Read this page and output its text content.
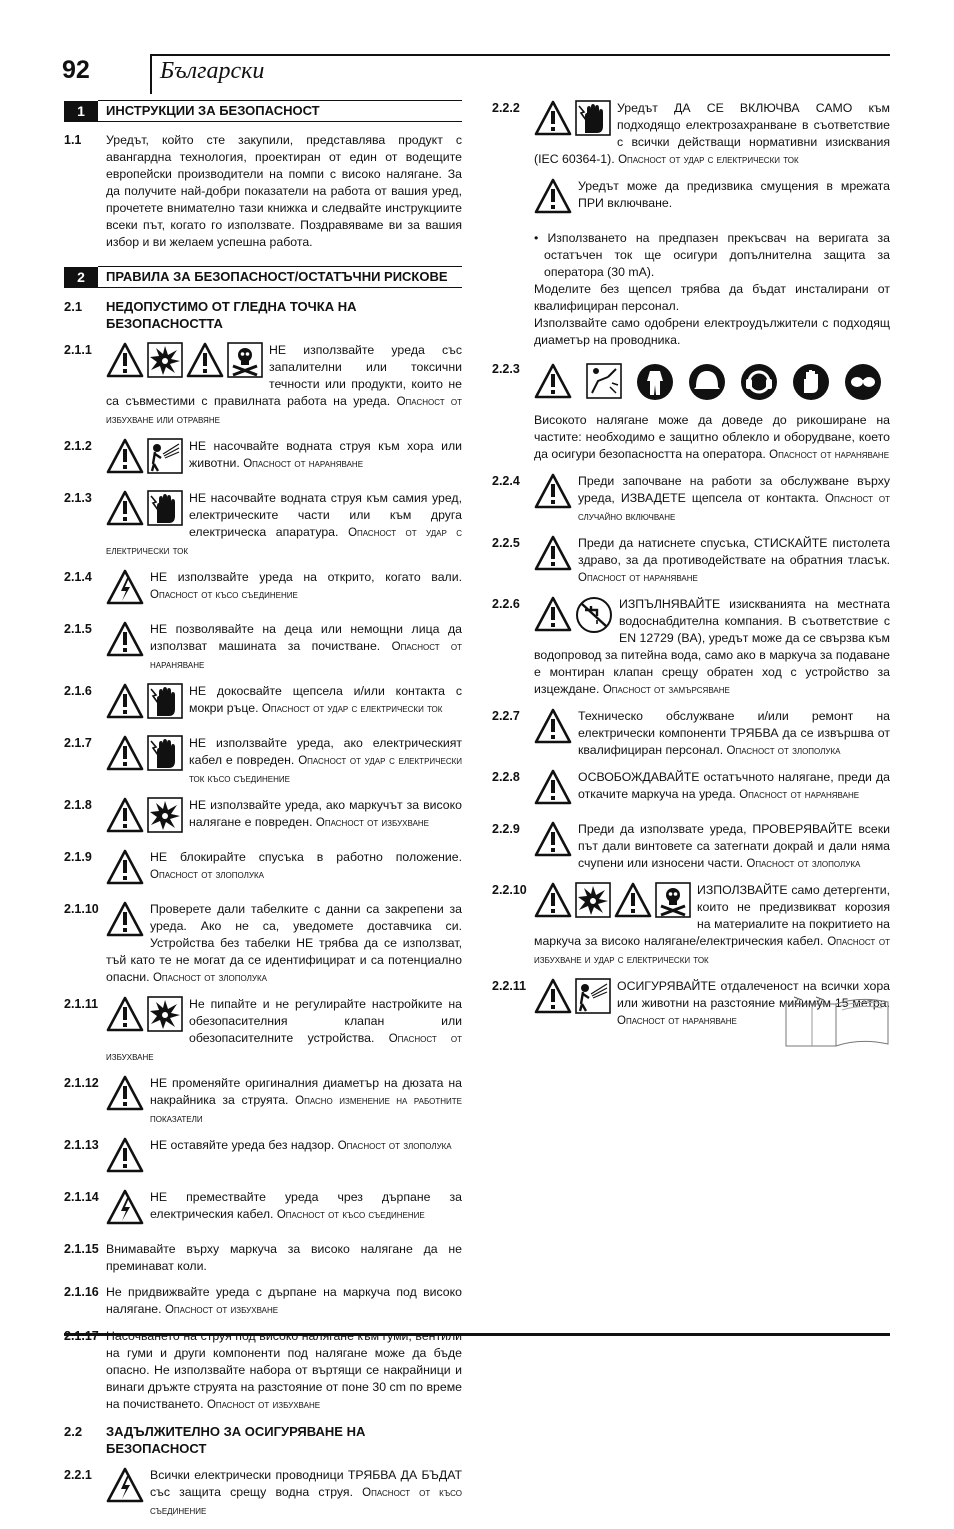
92	Български
1	ИНСТРУКЦИИ ЗА БЕЗОПАСНОСТ
1.1	Уредът, който сте закупили, представлява продукт с авангардна технология, проектиран от един от водещите европейски производители на помпи с високо налягане. За да получите най-добри показатели на работа от вашия уред, прочетете внимателно тази книжка и следвайте инструкциите всеки път, когато го използвате. Поздравяваме ви за вашия избор и ви желаем успешна работа.
2	ПРАВИЛА ЗА БЕЗОПАСНОСТ/ОСТАТЪЧНИ РИСКОВЕ
2.1	НЕДОПУСТИМО ОТ ГЛЕДНА ТОЧКА НА БЕЗОПАСНОСТТА
2.1.1	НЕ използвайте уреда със запалителни или токсични течности или продукти, които не са съвместими с правилната работа на уреда. Опасност от избухване или отравяне
2.1.2	НЕ насочвайте водната струя към хора или животни. Опасност от нараняване
2.1.3	НЕ насочвайте водната струя към самия уред, електрическите части или към друга електрическа апаратура. Опасност от удар с електрически ток
2.1.4	НЕ използвайте уреда на открито, когато вали. Опасност от късо съединение
2.1.5	НЕ позволявайте на деца или немощни лица да използват машината за почистване. Опасност от нараняване
2.1.6	НЕ докосвайте щепсела и/или контакта с мокри ръце. Опасност от удар с електрически ток
2.1.7	НЕ използвайте уреда, ако електрическият кабел е повреден. Опасност от удар с електрически ток късо съединение
2.1.8	НЕ използвайте уреда, ако маркучът за високо налягане е повреден. Опасност от избухване
2.1.9	НЕ блокирайте спусъка в работно положение. Опасност от злополука
2.1.10	Проверете дали табелките с данни са закрепени за уреда. Ако не са, уведомете доставчика си. Устройства без табелки НЕ трябва да се използват, тъй като те не могат да се идентифицират и са потенциално опасни. Опасност от злополука
2.1.11	Не пипайте и не регулирайте настройките на обезопасителния клапан или обезопасителните устройства. Опасност от избухване
2.1.12	НЕ променяйте оригиналния диаметър на дюзата на накрайника за струята. Опасно изменение на работните показатели
2.1.13	НЕ оставяйте уреда без надзор. Опасност от злополука
2.1.14	НЕ премествайте уреда чрез дърпане за електрическия кабел. Опасност от късо съединение
2.1.15 Внимавайте върху маркуча за високо налягане да не преминават коли.
2.1.16 Не придвижвайте уреда с дърпане на маркуча под високо налягане. Опасност от избухване
2.1.17 Насочването на струя под високо налягане към гуми, вентили на гуми и други компоненти под налягане може да бъде опасно. Не използвайте набора от въртящи се накрайници и винаги дръжте струята на разстояние от поне 30 cm по време на почистването. Опасност от избухване
2.2	ЗАДЪЛЖИТЕЛНО ЗА ОСИГУРЯВАНЕ НА БЕЗОПАСНОСТ
2.2.1	Всички електрически проводници ТРЯБВА ДА БЪДАТ със защита срещу водна струя. Опасност от късо съединение
2.2.2	Уредът ДА СЕ ВКЛЮЧВА САМО към подходящо електрозахранване в съответствие с всички действащи нормативни изисквания (IEC 60364-1). Опасност от удар с електрически ток
Уредът може да предизвика смущения в мрежата ПРИ включване.

• Използването на предпазен прекъсвач на веригата за остатъчен ток ще осигури допълнителна защита за оператора (30 mA).

Моделите без щепсел трябва да бъдат инсталирани от квалифициран персонал.

Използвайте само одобрени електроудължители с подходящ диаметър на проводника.

2.2.3
Високото налягане може да доведе до рикоширане на частите: необходимо е защитно облекло и оборудване, което да осигури безопасността на оператора. Опасност от нараняване
2.2.4	Преди започване на работи за обслужване върху уреда, ИЗВАДЕТЕ щепсела от контакта. Опасност от случайно включване
2.2.5	Преди да натиснете спусъка, СТИСКАЙТЕ пистолета здраво, за да противодействате на обратния тласък. Опасност от нараняване
2.2.6	ИЗПЪЛНЯВАЙТЕ изискванията на местната водоснабдителна компания. В съответствие с EN 12729 (BA), уредът може да се свързва към водопровод за питейна вода, само ако в маркуча за подаване е монтиран клапан срещу обратен ход с устройство за изцеждане. Опасност от замърсяване
2.2.7	Техническо обслужване и/или ремонт на електрически компоненти ТРЯБВА да се извършва от квалифициран персонал. Опасност от злополука
2.2.8	ОСВОБОЖДАВАЙТЕ остатъчното налягане, преди да откачите маркуча на уреда. Опасност от нараняване
2.2.9	Преди да използвате уреда, ПРОВЕРЯВАЙТЕ всеки път дали винтовете са затегнати докрай и дали няма счупени или износени части. Опасност от злополука
2.2.10	ИЗПОЛЗВАЙТЕ само детергенти, които не предизвикват корозия на материалите на покритието на маркуча за високо налягане/електрическия кабел. Опасност от избухване и удар с електрически ток
2.2.11	ОСИГУРЯВАЙТЕ отдалеченост на всички хора или животни на разстояние минимум 15 метра. Опасност от нараняване
